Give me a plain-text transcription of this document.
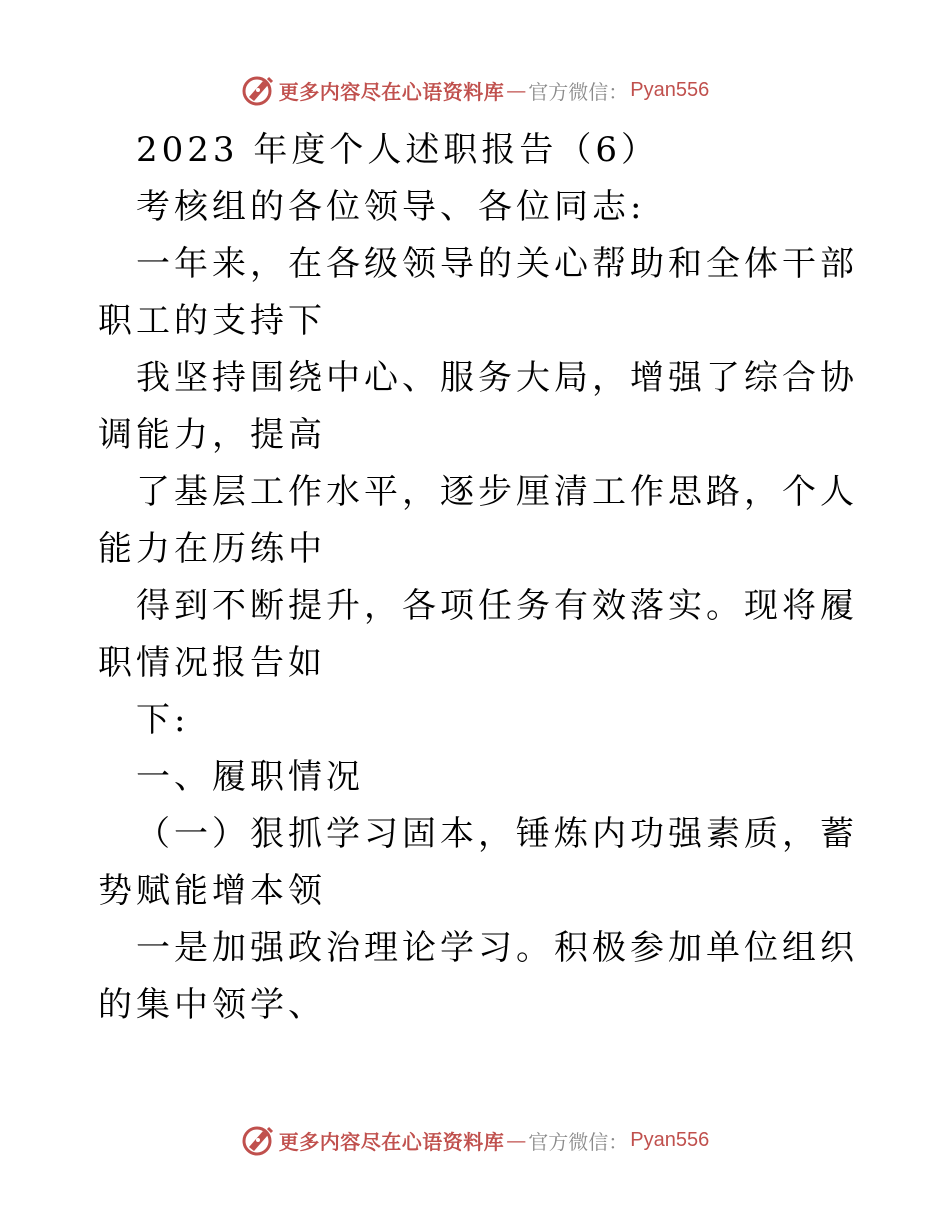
更多内容尽在心语资料库 — 官方微信： Pyan556

2023 年度个人述职报告（6）

考核组的各位领导、各位同志:

一年来，在各级领导的关心帮助和全体干部职工的支持下

我坚持围绕中心、服务大局，增强了综合协调能力，提高

了基层工作水平，逐步厘清工作思路，个人能力在历练中

得到不断提升，各项任务有效落实。现将履职情况报告如

下:

一、履职情况

（一）狠抓学习固本，锤炼内功强素质，蓄势赋能增本领

一是加强政治理论学习。积极参加单位组织的集中领学、

更多内容尽在心语资料库 — 官方微信： Pyan556
